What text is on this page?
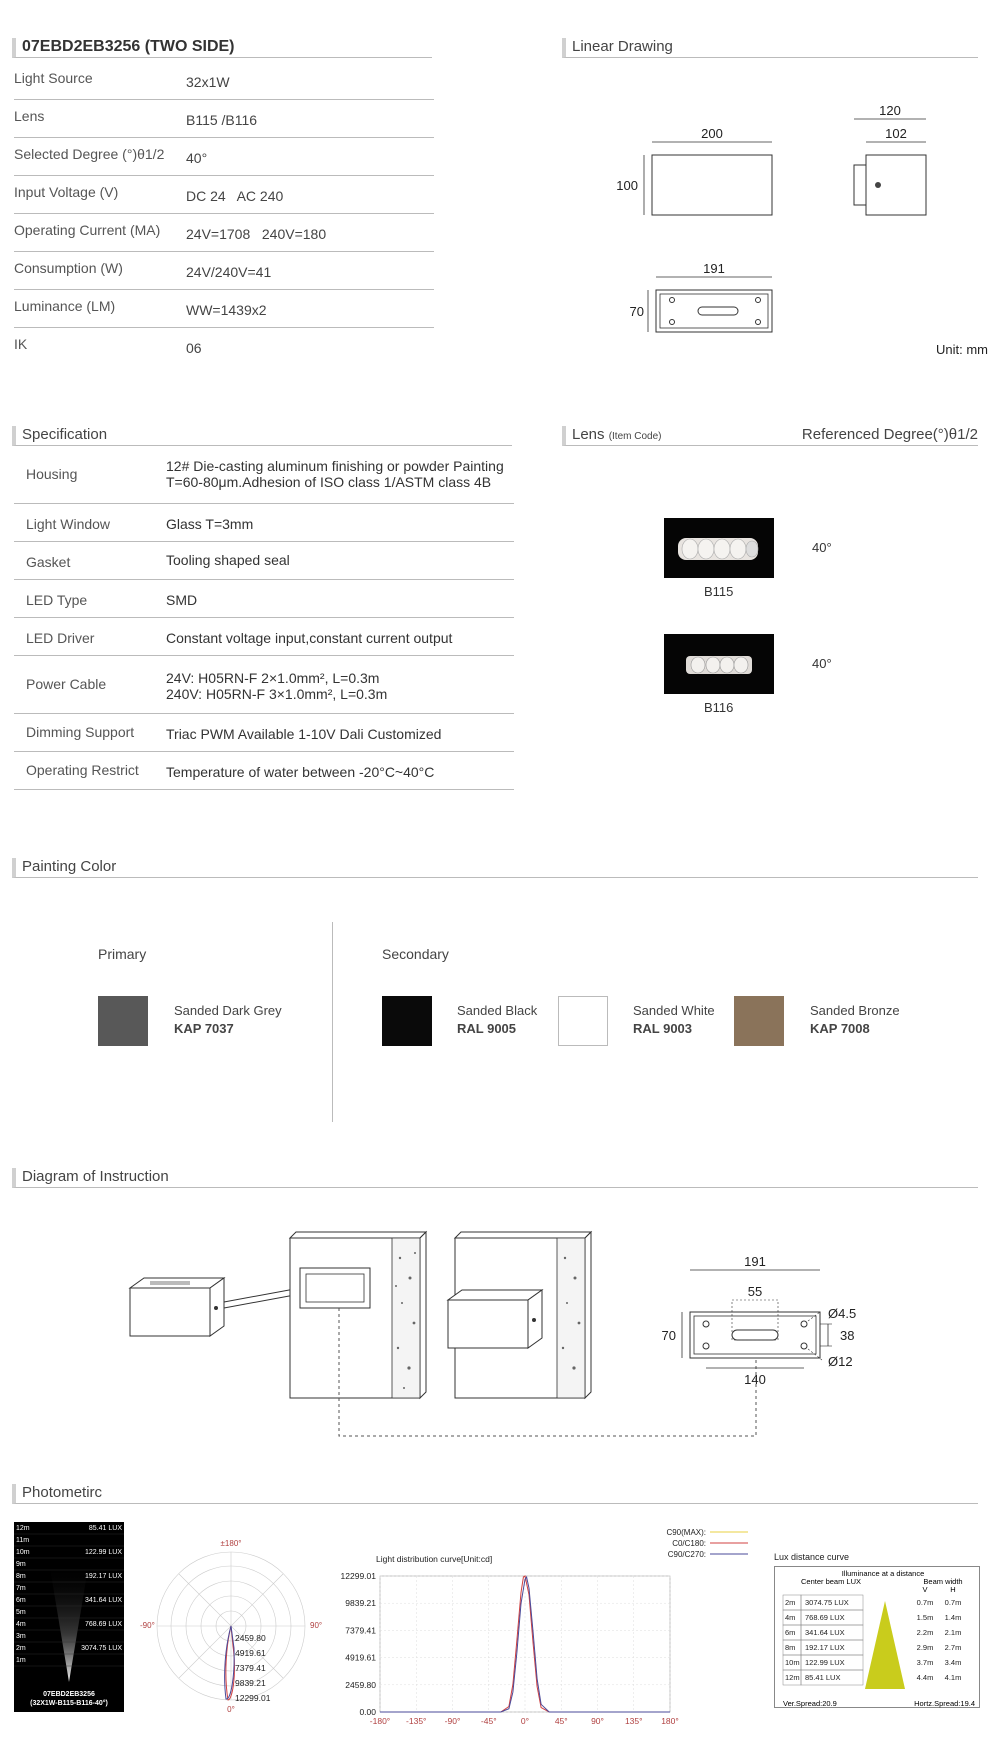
07EBD2EB3256 (TWO SIDE)
Light Source	32x1W
Lens	B115 /B116
Selected Degree (°)θ1/2 40°
Input Voltage (V)	DC 24   AC 240
Operating Current (MA) 24V=1708   240V=180
Consumption (W)	24V/240V=41
Luminance (LM)	WW=1439x2
IK	06
Linear Drawing
200
100
120
102
191
70
Unit: mm
Specification
Housing	12# Die-casting aluminum finishing or powder Painting
T=60-80μm.Adhesion of ISO class 1/ASTM class 4B
Light Window	Glass T=3mm
Gasket	Tooling shaped seal
LED Type	SMD
LED Driver	Constant voltage input,constant current output
Power Cable	24V: H05RN-F 2×1.0mm², L=0.3m
240V: H05RN-F 3×1.0mm², L=0.3m
Dimming Support Triac PWM Available 1-10V Dali Customized
Operating Restrict Temperature of water between -20°C~40°C
Lens (Item Code)	Referenced Degree(°)θ1/2
B115
40°
B116
40°
Painting Color
Primary	Secondary
Sanded Dark Grey
KAP 7037
Sanded Black
RAL 9005
Sanded White
RAL 9003
Sanded Bronze
KAP 7008
Diagram of Instruction
191
55
70	38
Ø4.5
Ø12
140
Photometirc
12m
11m
10m
9m
8m
7m
6m
5m
4m
3m
2m
1m
85.41 LUX
122.99 LUX
192.17 LUX
341.64 LUX
768.69 LUX
3074.75 LUX
07EBD2EB3256
(32X1W-B115-B116-40°)
±180°
-90°	90°
0°
2459.80
4919.61
7379.41
9839.21
12299.01
Light distribution curve[Unit:cd]
C90(MAX):
C0/C180:
C90/C270:
-180° -135° -90° -45°	0°	45°	90° 135° 180°
12299.01
9839.21
7379.41
4919.61
2459.80
0.00
Lux distance curve
Illuminance at a distance
Center beam LUX	Beam width
V	H
2m 3074.75 LUX	0.7m 0.7m
4m 768.69 LUX	1.5m 1.4m
6m 341.64 LUX	2.2m 2.1m
8m 192.17 LUX	2.9m 2.7m
10m 122.99 LUX	3.7m 3.4m
12m 85.41 LUX	4.4m 4.1m
Ver.Spread:20.9	Hortz.Spread:19.4
